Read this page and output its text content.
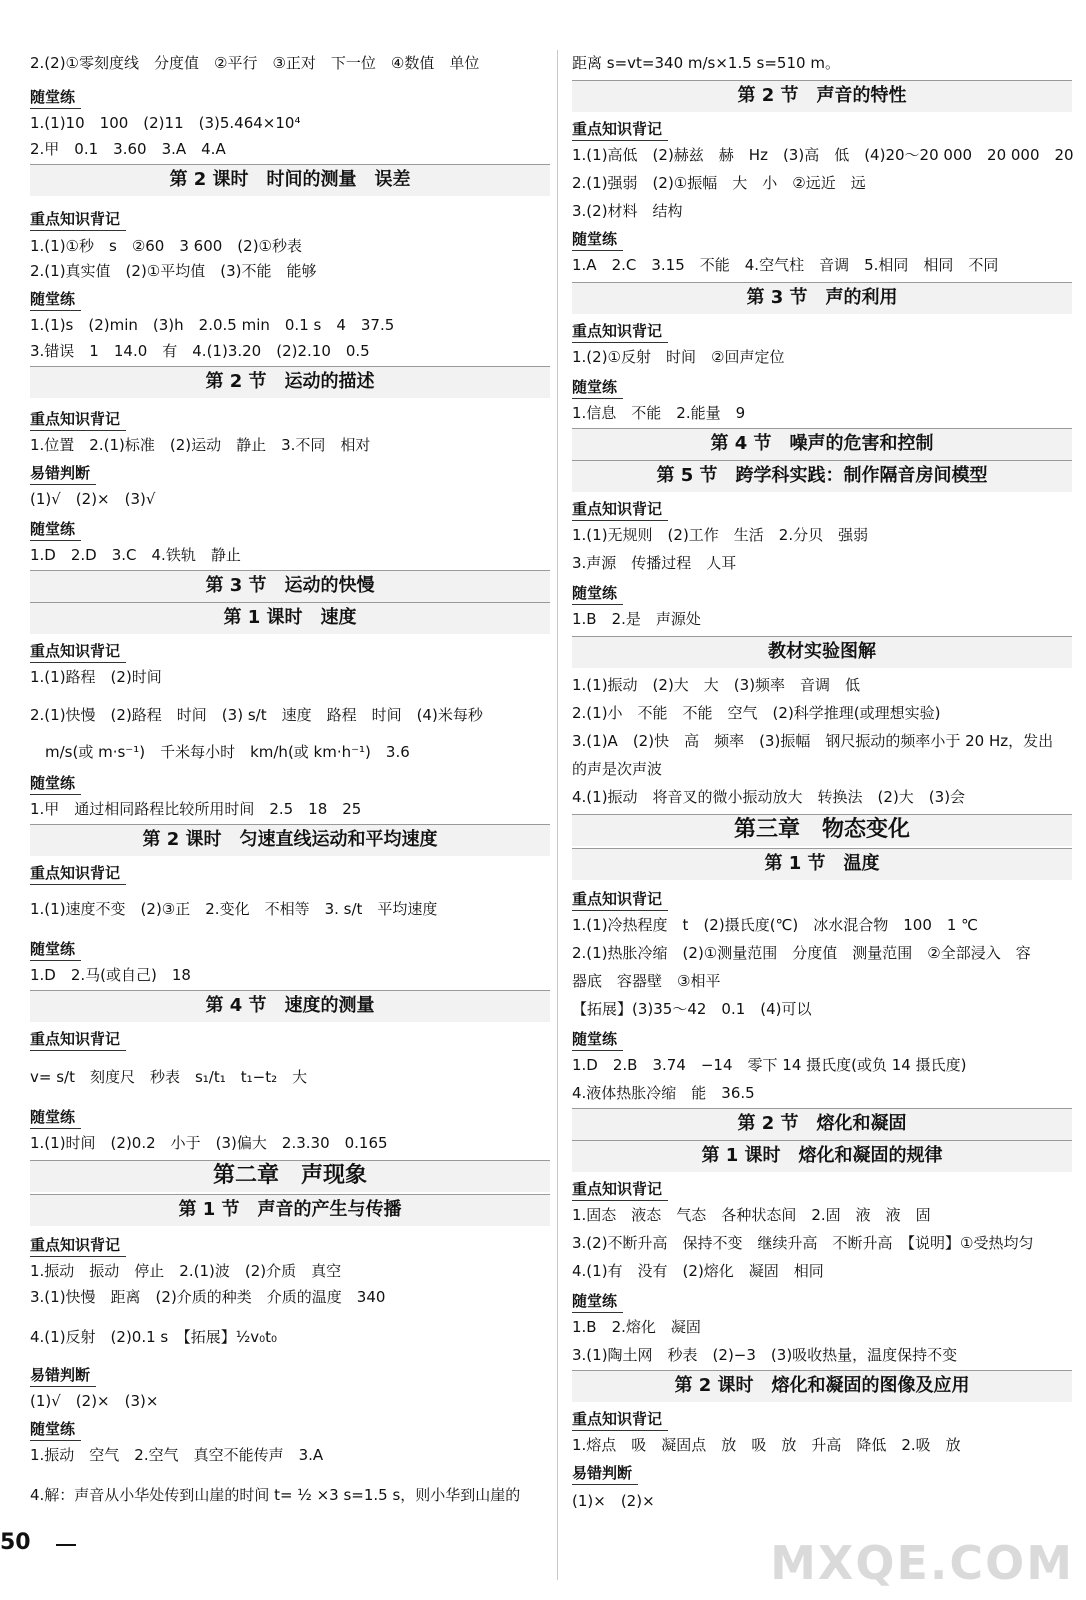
2.(2)①零刻度线　分度值　②平行　③正对　下一位　④数值　单位
随堂练
1.(1)10　100　(2)11　(3)5.464×10⁴
2.甲　0.1　3.60　3.A　4.A
第 2 课时　时间的测量　误差
重点知识背记
1.(1)①秒　s　②60　3 600　(2)①秒表
2.(1)真实值　(2)①平均值　(3)不能　能够
随堂练
1.(1)s　(2)min　(3)h　2.0.5 min　0.1 s　4　37.5
3.错误　1　14.0　有　4.(1)3.20　(2)2.10　0.5
第 2 节　运动的描述
重点知识背记
1.位置　2.(1)标准　(2)运动　静止　3.不同　相对
易错判断
(1)√　(2)×　(3)√
随堂练
1.D　2.D　3.C　4.铁轨　静止
第 3 节　运动的快慢
第 1 课时　速度
重点知识背记
1.(1)路程　(2)时间
2.(1)快慢　(2)路程　时间　(3) s/t　速度　路程　时间　(4)米每秒
　m/s(或 m·s⁻¹)　千米每小时　km/h(或 km·h⁻¹)　3.6
随堂练
1.甲　通过相同路程比较所用时间　2.5　18　25
第 2 课时　匀速直线运动和平均速度
重点知识背记
1.(1)速度不变　(2)③正　2.变化　不相等　3. s/t　平均速度
随堂练
1.D　2.马(或自己)　18
第 4 节　速度的测量
重点知识背记
v= s/t　刻度尺　秒表　s₁/t₁　t₁−t₂　大
随堂练
1.(1)时间　(2)0.2　小于　(3)偏大　2.3.30　0.165
第二章　声现象
第 1 节　声音的产生与传播
重点知识背记
1.振动　振动　停止　2.(1)波　(2)介质　真空
3.(1)快慢　距离　(2)介质的种类　介质的温度　340
4.(1)反射　(2)0.1 s　【拓展】½v₀t₀
易错判断
(1)√　(2)×　(3)×
随堂练
1.振动　空气　2.空气　真空不能传声　3.A
4.解：声音从小华处传到山崖的时间 t= ½ ×3 s=1.5 s，则小华到山崖的
距离 s=vt=340 m/s×1.5 s=510 m。
第 2 节　声音的特性
重点知识背记
1.(1)高低　(2)赫兹　赫　Hz　(3)高　低　(4)20～20 000　20 000　20
2.(1)强弱　(2)①振幅　大　小　②远近　远
3.(2)材料　结构
随堂练
1.A　2.C　3.15　不能　4.空气柱　音调　5.相同　相同　不同
第 3 节　声的利用
重点知识背记
1.(2)①反射　时间　②回声定位
随堂练
1.信息　不能　2.能量　9
第 4 节　噪声的危害和控制
第 5 节　跨学科实践：制作隔音房间模型
重点知识背记
1.(1)无规则　(2)工作　生活　2.分贝　强弱
3.声源　传播过程　人耳
随堂练
1.B　2.是　声源处
教材实验图解
1.(1)振动　(2)大　大　(3)频率　音调　低
2.(1)小　不能　不能　空气　(2)科学推理(或理想实验)
3.(1)A　(2)快　高　频率　(3)振幅　钢尺振动的频率小于 20 Hz，发出
的声是次声波
4.(1)振动　将音叉的微小振动放大　转换法　(2)大　(3)会
第三章　物态变化
第 1 节　温度
重点知识背记
1.(1)冷热程度　t　(2)摄氏度(℃)　冰水混合物　100　1 ℃
2.(1)热胀冷缩　(2)①测量范围　分度值　测量范围　②全部浸入　容
器底　容器壁　③相平
【拓展】(3)35～42　0.1　(4)可以
随堂练
1.D　2.B　3.74　−14　零下 14 摄氏度(或负 14 摄氏度)
4.液体热胀冷缩　能　36.5
第 2 节　熔化和凝固
第 1 课时　熔化和凝固的规律
重点知识背记
1.固态　液态　气态　各种状态间　2.固　液　液　固
3.(2)不断升高　保持不变　继续升高　不断升高　【说明】①受热均匀
4.(1)有　没有　(2)熔化　凝固　相同
随堂练
1.B　2.熔化　凝固
3.(1)陶土网　秒表　(2)−3　(3)吸收热量，温度保持不变
第 2 课时　熔化和凝固的图像及应用
重点知识背记
1.熔点　吸　凝固点　放　吸　放　升高　降低　2.吸　放
易错判断
(1)×　(2)×
50	MXQE.COM
